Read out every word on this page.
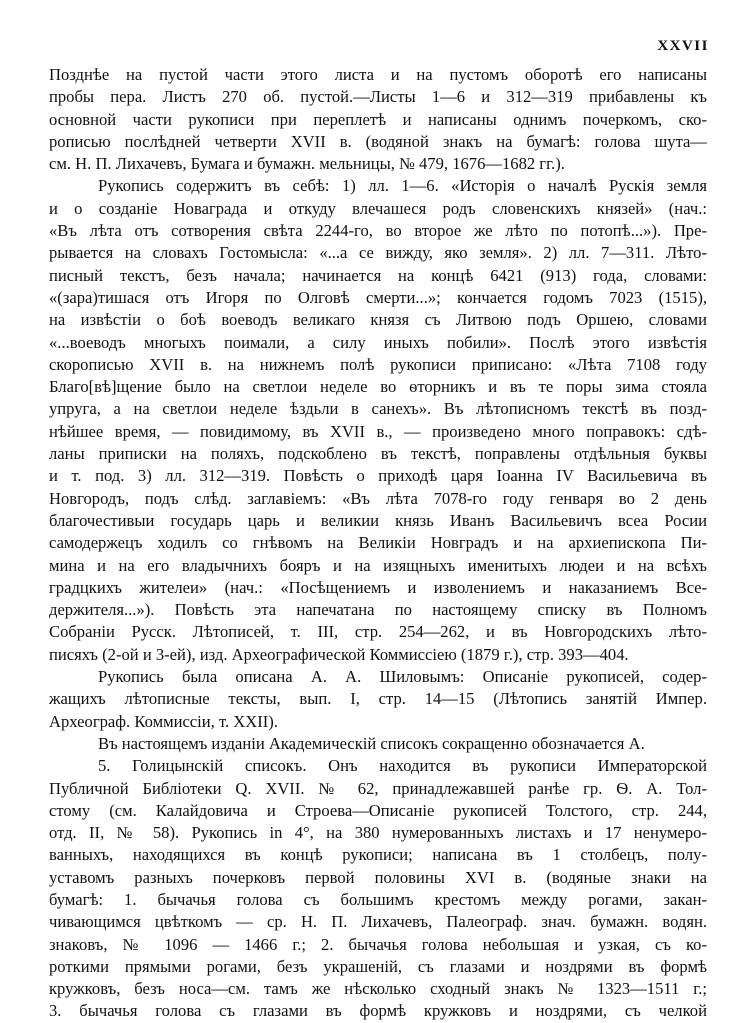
XXVII
Позднѣе на пустой части этого листа и на пустомъ оборотѣ его написаны
пробы пера. Листъ 270 об. пустой.—Листы 1—6 и 312—319 прибавлены къ
основной части рукописи при переплетѣ и написаны однимъ почеркомъ, ско-
рописью послѣдней четверти XVII в. (водяной знакъ на бумагѣ: голова шута—
см. Н. П. Лихачевъ, Бумага и бумажн. мельницы, № 479, 1676—1682 гг.).
Рукопись содержитъ въ себѣ: 1) лл. 1—6. «Исторія о началѣ Рускія земля
и о созданіе Новаграда и откуду влечашеся родъ словенскихъ князей» (нач.:
«Въ лѣта отъ сотворения свѣта 2244-го, во второе же лѣто по потопѣ...»). Пре-
рывается на словахъ Гостомысла: «...а се вижду, яко земля». 2) лл. 7—311. Лѣто-
писный текстъ, безъ начала; начинается на концѣ 6421 (913) года, словами:
«(зара)тишася отъ Игоря по Олговѣ смерти...»; кончается годомъ 7023 (1515),
на извѣстіи о боѣ воеводъ великаго князя съ Литвою подъ Оршею, словами
«...воеводъ многыхъ поимали, а силу иныхъ побили». Послѣ этого извѣстія
скорописью XVII в. на нижнемъ полѣ рукописи приписано: «Лѣта 7108 году
Благо[вѣ]щение было на светлои неделе во ѳторникъ и въ те поры зима стояла
упруга, а на светлои неделе ѣздьли в санехъ». Въ лѣтописномъ текстѣ въ позд-
нѣйшее время, — повидимому, въ XVII в., — произведено много поправокъ: сдѣ-
ланы приписки на поляхъ, подскоблено въ текстѣ, поправлены отдѣльныя буквы
и т. под. 3) лл. 312—319. Повѣсть о приходѣ царя Іоанна IV Васильевича въ
Новгородъ, подъ слѣд. заглавіемъ: «Въ лѣта 7078-го году генваря во 2 день
благочестивыи государь царь и великии князь Иванъ Васильевичъ всеа Росии
самодержецъ ходилъ со гнѣвомъ на Великіи Новградъ и на архиепископа Пи-
мина и на его владычнихъ бояръ и на изящныхъ именитыхъ людеи и на всѣхъ
градцкихъ жителеи» (нач.: «Посѣщениемъ и изволениемъ и наказаниемъ Всe-
держителя...»). Повѣсть эта напечатана по настоящему списку въ Полномъ
Собраніи Русск. Лѣтописей, т. III, стр. 254—262, и въ Новгородскихъ лѣто-
писяхъ (2-ой и 3-ей), изд. Археографической Коммиссіею (1879 г.), стр. 393—404.
Рукопись была описана А. А. Шиловымъ: Описаніе рукописей, содер-
жащихъ лѣтописные тексты, вып. I, стр. 14—15 (Лѣтопись занятій Импер.
Археограф. Коммиссіи, т. XXII).
Въ настоящемъ изданіи Академическій списокъ сокращенно обозначается А.
5. Голицынскій списокъ. Онъ находится въ рукописи Императорской
Публичной Библіотеки Q. XVII. № 62, принадлежавшей ранѣе гр. Ѳ. А. Тол-
стому (см. Калайдовича и Строева—Описаніе рукописей Толстого, стр. 244,
отд. II, № 58). Рукопись in 4°, на 380 нумерованныхъ листахъ и 17 ненумеро-
ванныхъ, находящихся въ концѣ рукописи; написана въ 1 столбецъ, полу-
уставомъ разныхъ почерковъ первой половины XVI в. (водяные знаки на
бумагѣ: 1. бычачья голова съ большимъ крестомъ между рогами, закан-
чивающимся цвѣткомъ — ср. Н. П. Лихачевъ, Палеограф. знач. бумажн. водян.
знаковъ, № 1096 — 1466 г.; 2. бычачья голова небольшая и узкая, съ ко-
роткими прямыми рогами, безъ украшеній, съ глазами и ноздрями въ формѣ
кружковъ, безъ носа—см. тамъ же нѣсколько сходный знакъ № 1323—1511 г.;
3. бычачья голова съ глазами въ формѣ кружковъ и ноздрями, съ челкой
